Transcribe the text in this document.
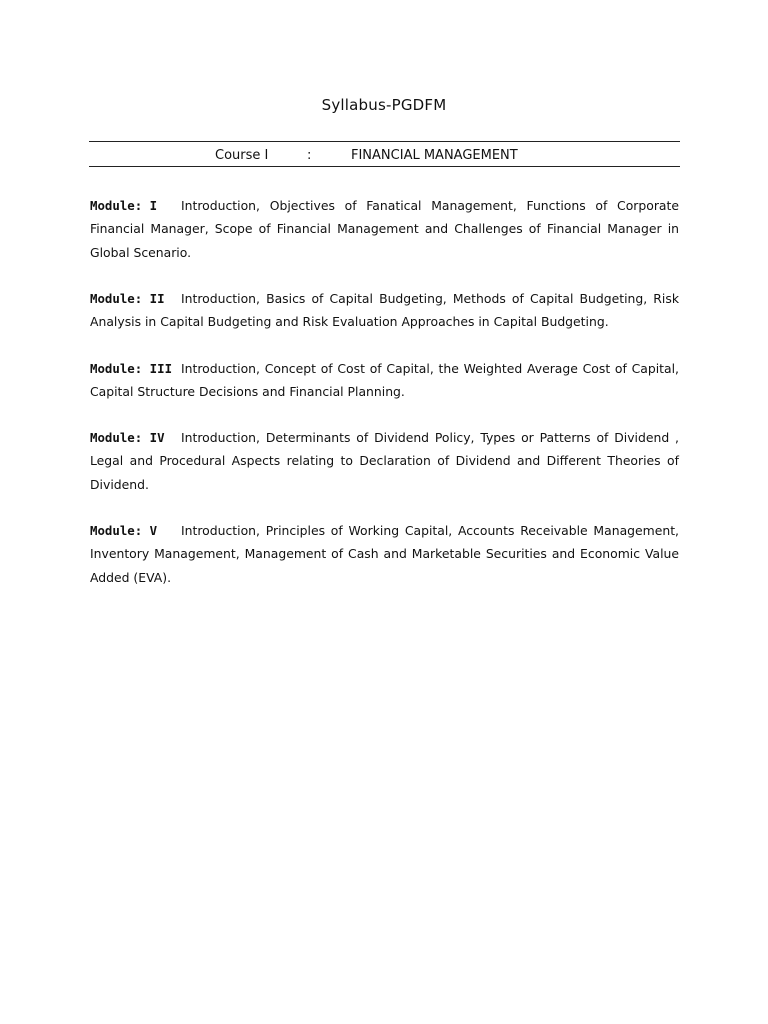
Syllabus-PGDFM
Course I	:	FINANCIAL MANAGEMENT
Module: I Introduction, Objectives of Fanatical Management, Functions of Corporate Financial Manager, Scope of Financial Management and Challenges of Financial Manager in Global Scenario.
Module: II Introduction, Basics of Capital Budgeting, Methods of Capital Budgeting, Risk Analysis in Capital Budgeting and Risk Evaluation Approaches in Capital Budgeting.
Module: III Introduction, Concept of Cost of Capital, the Weighted Average Cost of Capital, Capital Structure Decisions and Financial Planning.
Module: IV Introduction, Determinants of Dividend Policy, Types or Patterns of Dividend , Legal and Procedural Aspects relating to Declaration of Dividend and Different Theories of Dividend.
Module: V Introduction, Principles of Working Capital, Accounts Receivable Management, Inventory Management, Management of Cash and Marketable Securities and Economic Value Added (EVA).
